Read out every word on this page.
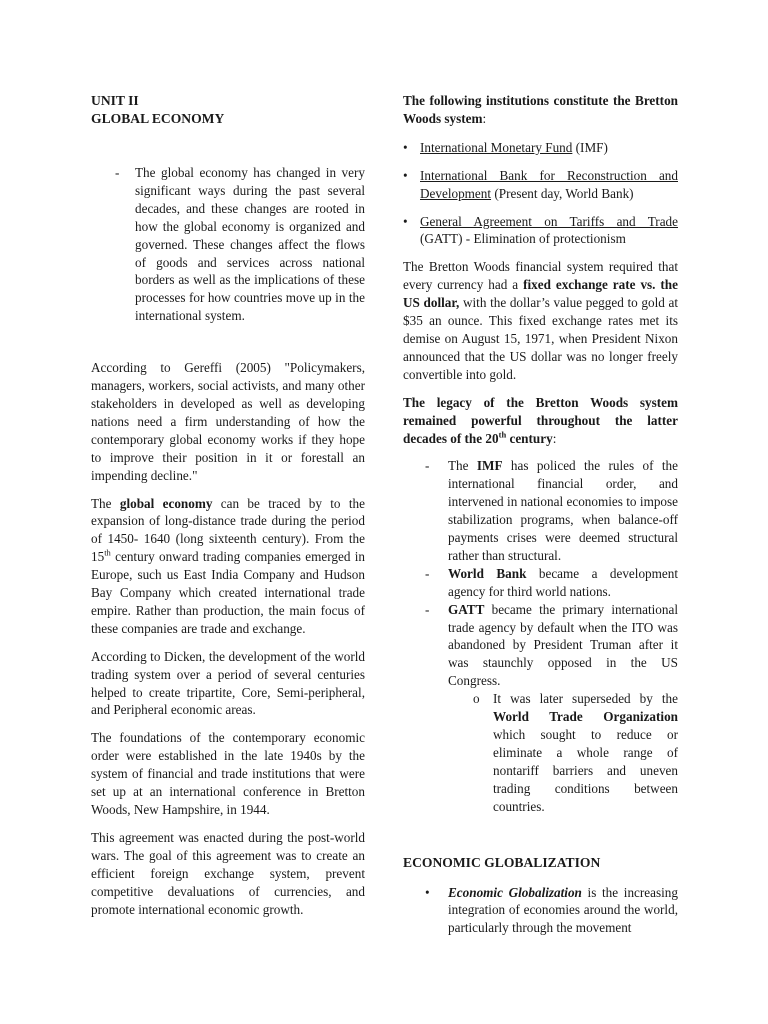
UNIT II
GLOBAL ECONOMY
- The global economy has changed in very significant ways during the past several decades, and these changes are rooted in how the global economy is organized and governed. These changes affect the flows of goods and services across national borders as well as the implications of these processes for how countries move up in the international system.

According to Gereffi (2005) "Policymakers, managers, workers, social activists, and many other stakeholders in developed as well as developing nations need a firm understanding of how the contemporary global economy works if they hope to improve their position in it or forestall an impending decline."

The global economy can be traced by to the expansion of long-distance trade during the period of 1450- 1640 (long sixteenth century). From the 15th century onward trading companies emerged in Europe, such us East India Company and Hudson Bay Company which created international trade empire. Rather than production, the main focus of these companies are trade and exchange.

According to Dicken, the development of the world trading system over a period of several centuries helped to create tripartite, Core, Semi-peripheral, and Peripheral economic areas.

The foundations of the contemporary economic order were established in the late 1940s by the system of financial and trade institutions that were set up at an international conference in Bretton Woods, New Hampshire, in 1944.

This agreement was enacted during the post-world wars. The goal of this agreement was to create an efficient foreign exchange system, prevent competitive devaluations of currencies, and promote international economic growth.

The following institutions constitute the Bretton Woods system:

• International Monetary Fund (IMF)

• International Bank for Reconstruction and Development (Present day, World Bank)

• General Agreement on Tariffs and Trade (GATT) - Elimination of protectionism

The Bretton Woods financial system required that every currency had a fixed exchange rate vs. the US dollar, with the dollar’s value pegged to gold at $35 an ounce. This fixed exchange rates met its demise on August 15, 1971, when President Nixon announced that the US dollar was no longer freely convertible into gold.

The legacy of the Bretton Woods system remained powerful throughout the latter decades of the 20th century:

- The IMF has policed the rules of the international financial order, and intervened in national economies to impose stabilization programs, when balance-off payments crises were deemed structural rather than structural.

- World Bank became a development agency for third world nations.

- GATT became the primary international trade agency by default when the ITO was abandoned by President Truman after it was staunchly opposed in the US Congress.

o It was later superseded by the World Trade Organization which sought to reduce or eliminate a whole range of nontariff barriers and uneven trading conditions between countries.

ECONOMIC GLOBALIZATION
• Economic Globalization is the increasing integration of economies around the world, particularly through the movement
